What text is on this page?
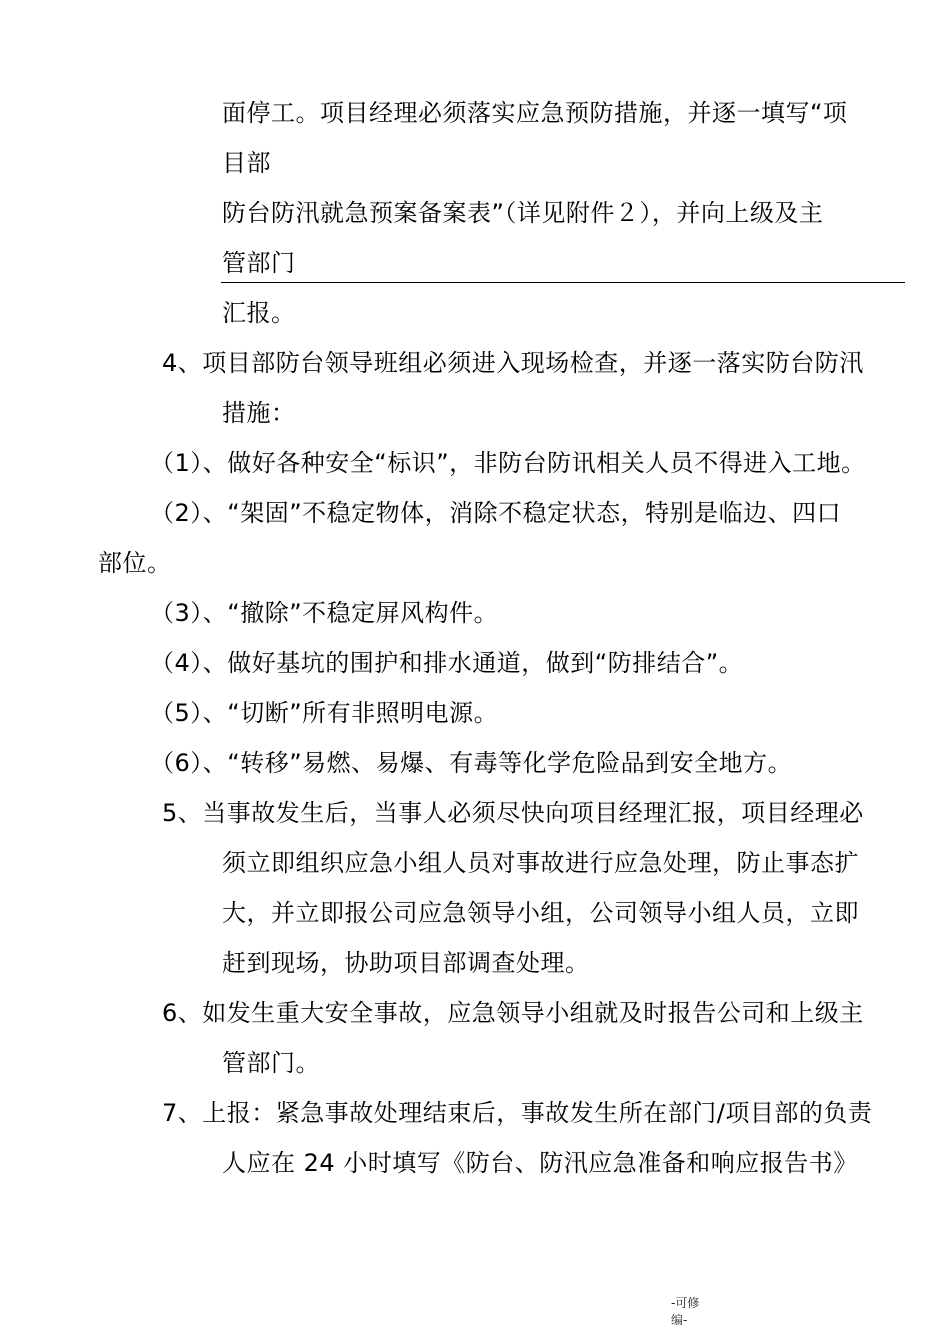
面停工。项目经理必须落实应急预防措施，并逐一填写“项
目部
防台防汛就急预案备案表”（详见附件２），并向上级及主
管部门
汇报。
4、项目部防台领导班组必须进入现场检查，并逐一落实防台防汛
措施：
（1）、做好各种安全“标识”，非防台防讯相关人员不得进入工地。
（2）、“架固”不稳定物体，消除不稳定状态，特别是临边、四口
部位。
（3）、“撤除”不稳定屏风构件。
（4）、做好基坑的围护和排水通道，做到“防排结合”。
（5）、“切断”所有非照明电源。
（6）、“转移”易燃、易爆、有毒等化学危险品到安全地方。
5、当事故发生后，当事人必须尽快向项目经理汇报，项目经理必
须立即组织应急小组人员对事故进行应急处理，防止事态扩
大，并立即报公司应急领导小组，公司领导小组人员，立即
赶到现场，协助项目部调查处理。
6、如发生重大安全事故，应急领导小组就及时报告公司和上级主
管部门。
7、上报：紧急事故处理结束后，事故发生所在部门/项目部的负责
人应在 24 小时填写《防台、防汛应急准备和响应报告书》
-可修
编-
